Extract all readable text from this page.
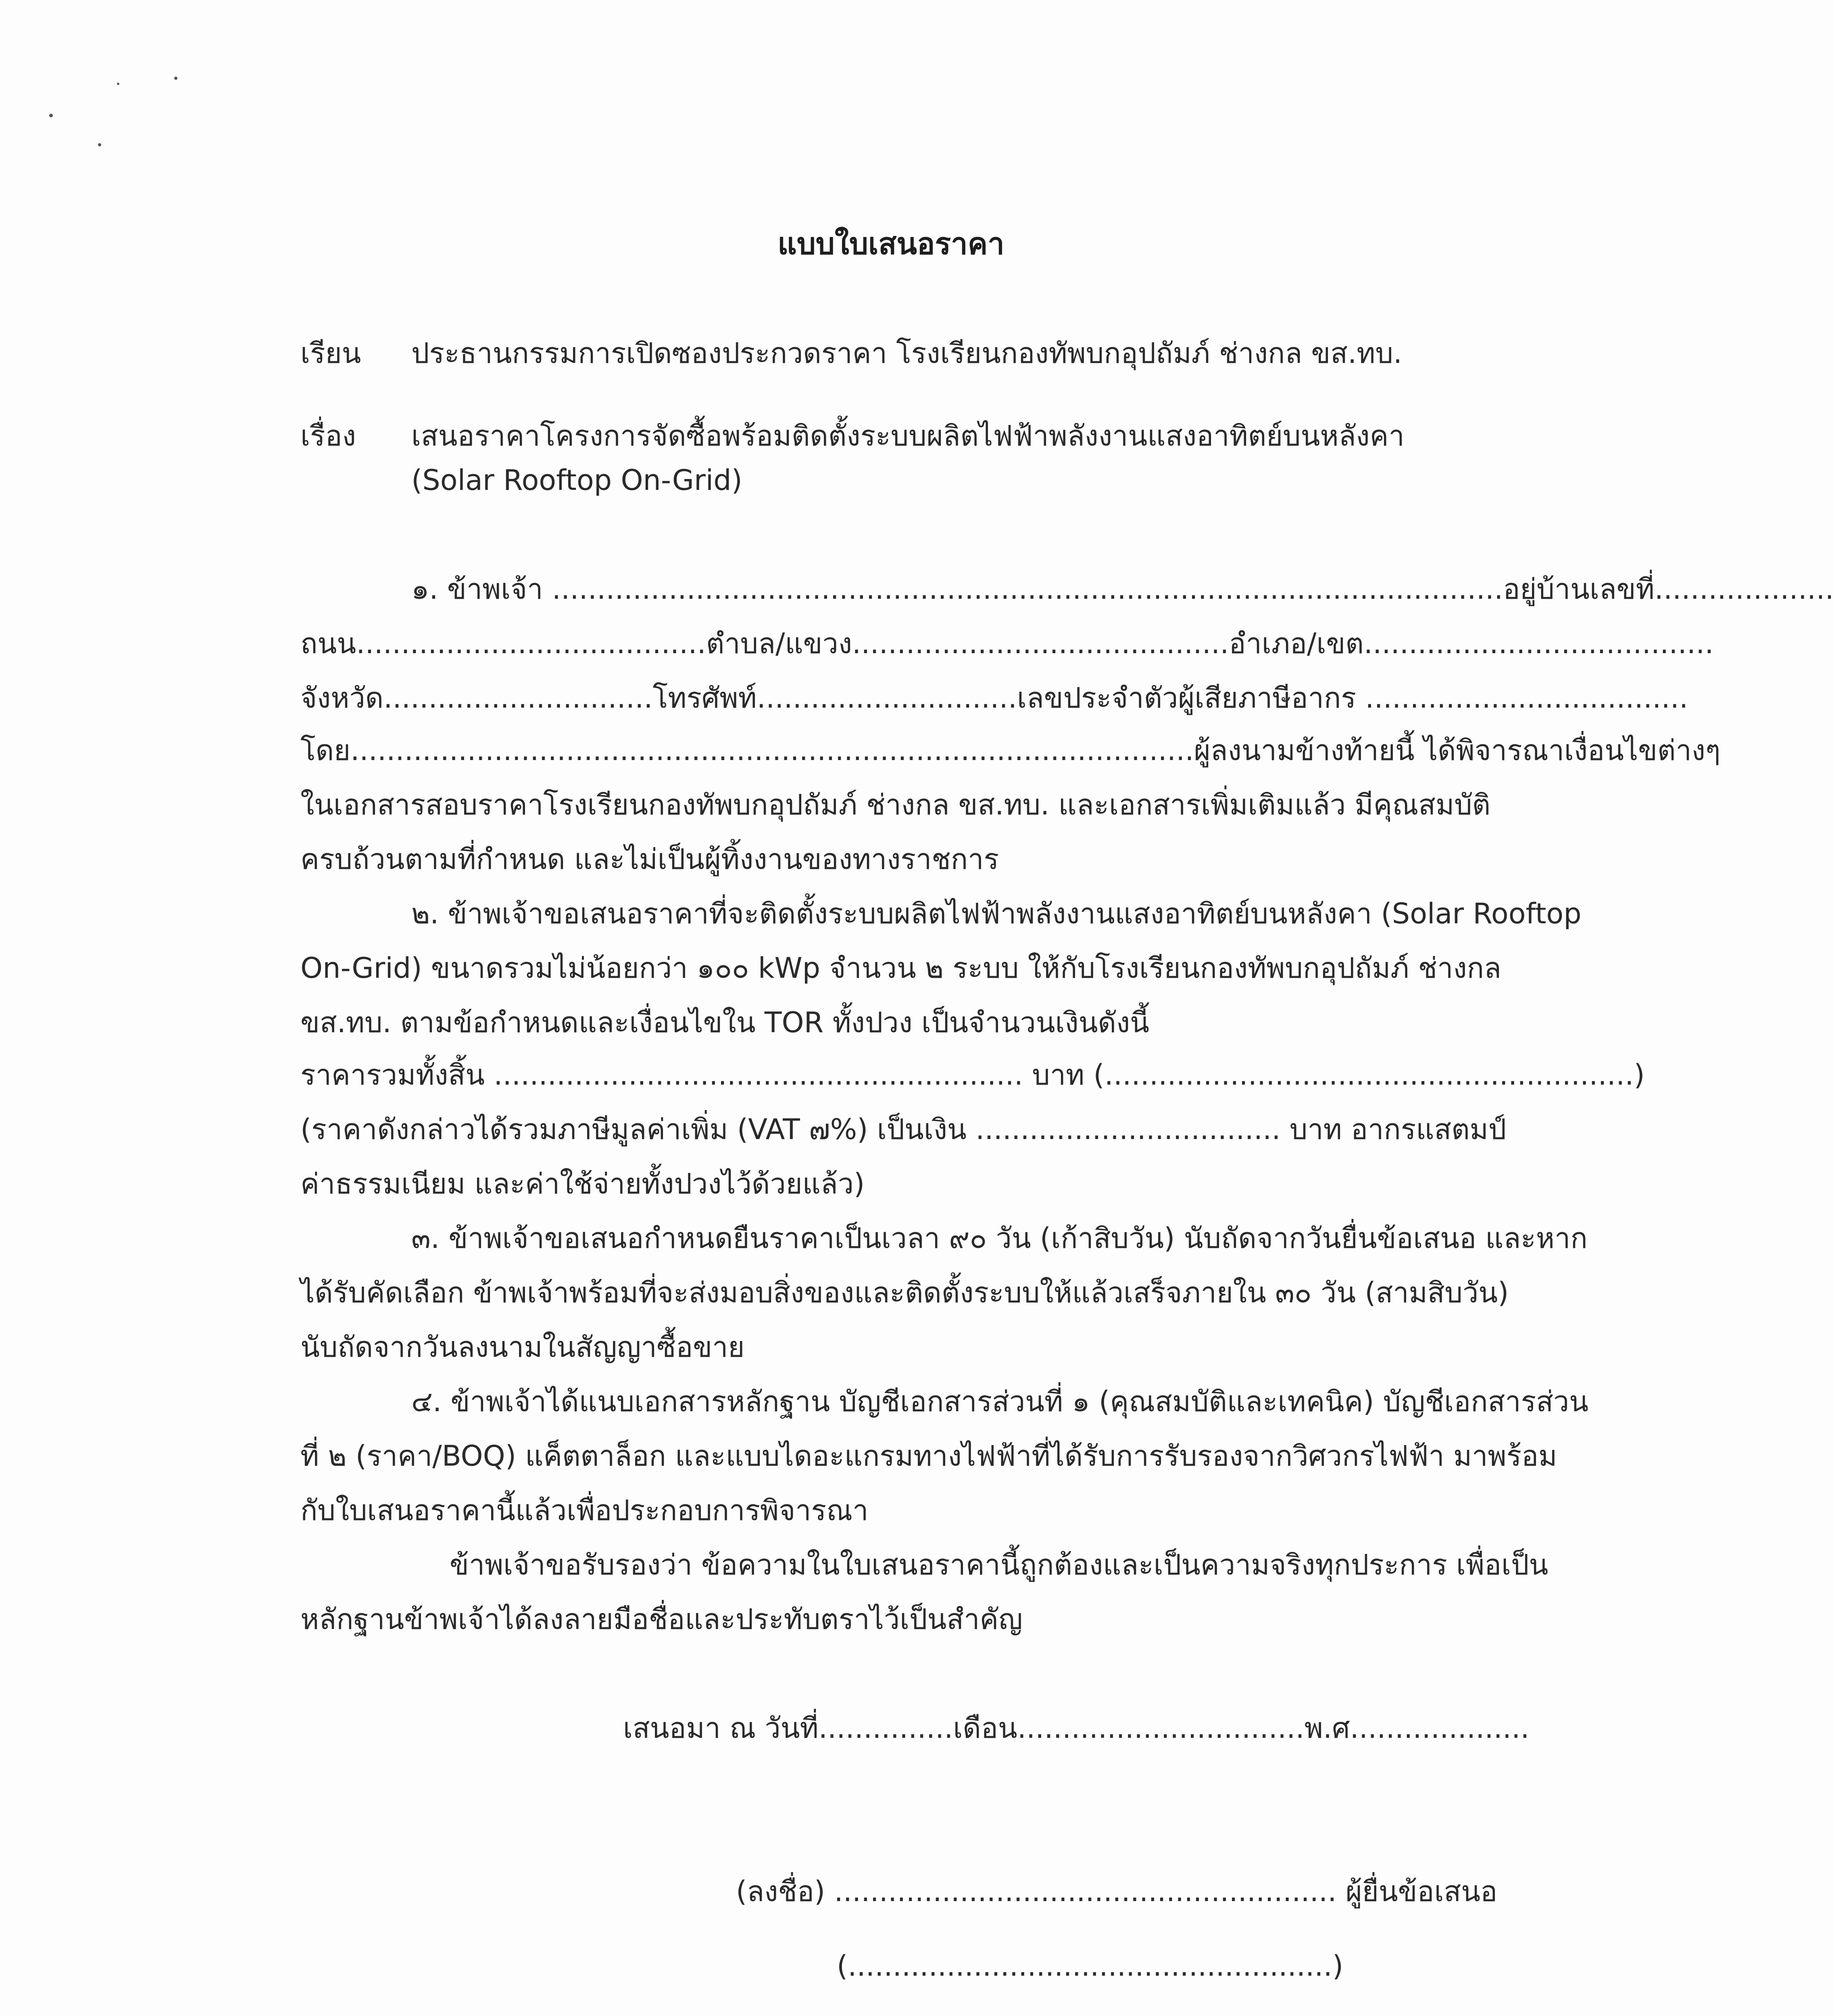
แบบใบเสนอราคา
เรียน ประธานกรรมการเปิดซองประกวดราคา โรงเรียนกองทัพบกอุปถัมภ์ ช่างกล ขส.ทบ.
เรื่อง เสนอราคาโครงการจัดซื้อพร้อมติดตั้งระบบผลิตไฟฟ้าพลังงานแสงอาทิตย์บนหลังคา
(Solar Rooftop On-Grid)
๑. ข้าพเจ้า ..........................................................................................................อยู่บ้านเลขที่....................
ถนน.......................................ตำบล/แขวง..........................................อำเภอ/เขต.......................................
จังหวัด..............................โทรศัพท์.............................เลขประจำตัวผู้เสียภาษีอากร ....................................
โดย..............................................................................................ผู้ลงนามข้างท้ายนี้ ได้พิจารณาเงื่อนไขต่างๆ
ในเอกสารสอบราคาโรงเรียนกองทัพบกอุปถัมภ์ ช่างกล ขส.ทบ. และเอกสารเพิ่มเติมแล้ว มีคุณสมบัติ
ครบถ้วนตามที่กำหนด และไม่เป็นผู้ทิ้งงานของทางราชการ
๒. ข้าพเจ้าขอเสนอราคาที่จะติดตั้งระบบผลิตไฟฟ้าพลังงานแสงอาทิตย์บนหลังคา (Solar Rooftop
On-Grid) ขนาดรวมไม่น้อยกว่า ๑๐๐ kWp จำนวน ๒ ระบบ ให้กับโรงเรียนกองทัพบกอุปถัมภ์ ช่างกล
ขส.ทบ. ตามข้อกำหนดและเงื่อนไขใน TOR ทั้งปวง เป็นจำนวนเงินดังนี้
ราคารวมทั้งสิ้น ........................................................... บาท (...........................................................)
(ราคาดังกล่าวได้รวมภาษีมูลค่าเพิ่ม (VAT ๗%) เป็นเงิน .................................. บาท อากรแสตมป์
ค่าธรรมเนียม และค่าใช้จ่ายทั้งปวงไว้ด้วยแล้ว)
๓. ข้าพเจ้าขอเสนอกำหนดยืนราคาเป็นเวลา ๙๐ วัน (เก้าสิบวัน) นับถัดจากวันยื่นข้อเสนอ และหาก
ได้รับคัดเลือก ข้าพเจ้าพร้อมที่จะส่งมอบสิ่งของและติดตั้งระบบให้แล้วเสร็จภายใน ๓๐ วัน (สามสิบวัน)
นับถัดจากวันลงนามในสัญญาซื้อขาย
๔. ข้าพเจ้าได้แนบเอกสารหลักฐาน บัญชีเอกสารส่วนที่ ๑ (คุณสมบัติและเทคนิค) บัญชีเอกสารส่วน
ที่ ๒ (ราคา/BOQ) แค็ตตาล็อก และแบบไดอะแกรมทางไฟฟ้าที่ได้รับการรับรองจากวิศวกรไฟฟ้า มาพร้อม
กับใบเสนอราคานี้แล้วเพื่อประกอบการพิจารณา
ข้าพเจ้าขอรับรองว่า ข้อความในใบเสนอราคานี้ถูกต้องและเป็นความจริงทุกประการ เพื่อเป็น
หลักฐานข้าพเจ้าได้ลงลายมือชื่อและประทับตราไว้เป็นสำคัญ
เสนอมา ณ วันที่...............เดือน................................พ.ศ....................
(ลงชื่อ) ........................................................ ผู้ยื่นข้อเสนอ
(......................................................)
